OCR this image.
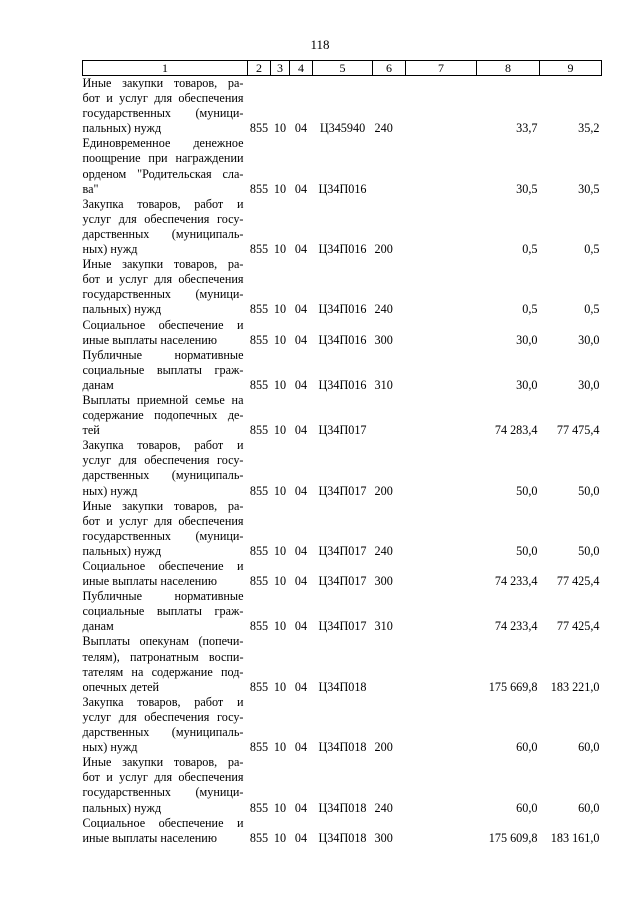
118
1	2	3	4	5	6	7	8	9

Иные закупки товаров, ра-
бот и услуг для обеспечения
государственных (муници-
пальных) нужд	855	10	04	Ц345940	240		33,7	35,2

Единовременное денежное
поощрение при награждении
орденом "Родительская сла-
ва"	855	10	04	Ц34П016			30,5	30,5

Закупка товаров, работ и
услуг для обеспечения госу-
дарственных (муниципаль-
ных) нужд	855	10	04	Ц34П016	200		0,5	0,5

Иные закупки товаров, ра-
бот и услуг для обеспечения
государственных (муници-
пальных) нужд	855	10	04	Ц34П016	240		0,5	0,5

Социальное обеспечение и
иные выплаты населению	855	10	04	Ц34П016	300		30,0	30,0

Публичные нормативные
социальные выплаты граж-
данам	855	10	04	Ц34П016	310		30,0	30,0

Выплаты приемной семье на
содержание подопечных де-
тей	855	10	04	Ц34П017			74 283,4	77 475,4

Закупка товаров, работ и
услуг для обеспечения госу-
дарственных (муниципаль-
ных) нужд	855	10	04	Ц34П017	200		50,0	50,0

Иные закупки товаров, ра-
бот и услуг для обеспечения
государственных (муници-
пальных) нужд	855	10	04	Ц34П017	240		50,0	50,0

Социальное обеспечение и
иные выплаты населению	855	10	04	Ц34П017	300		74 233,4	77 425,4

Публичные нормативные
социальные выплаты граж-
данам	855	10	04	Ц34П017	310		74 233,4	77 425,4

Выплаты опекунам (попечи-
телям), патронатным воспи-
тателям на содержание под-
опечных детей	855	10	04	Ц34П018			175 669,8	183 221,0

Закупка товаров, работ и
услуг для обеспечения госу-
дарственных (муниципаль-
ных) нужд	855	10	04	Ц34П018	200		60,0	60,0

Иные закупки товаров, ра-
бот и услуг для обеспечения
государственных (муници-
пальных) нужд	855	10	04	Ц34П018	240		60,0	60,0

Социальное обеспечение и
иные выплаты населению	855	10	04	Ц34П018	300		175 609,8	183 161,0
